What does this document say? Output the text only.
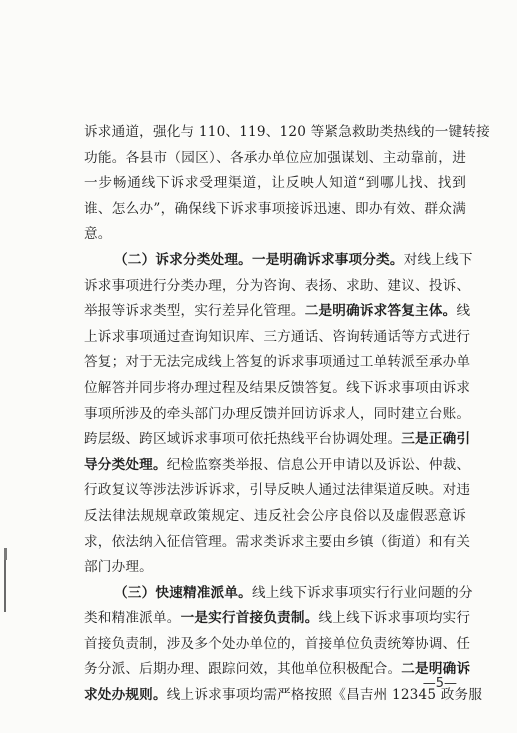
诉求通道，强化与 110、119、120 等紧急救助类热线的一键转接
功能。各县市（园区）、各承办单位应加强谋划、主动靠前，进
一步畅通线下诉求受理渠道，让反映人知道“到哪儿找、找到
谁、怎么办”，确保线下诉求事项接诉迅速、即办有效、群众满
意。
（二）诉求分类处理。一是明确诉求事项分类。对线上线下
诉求事项进行分类办理，分为咨询、表扬、求助、建议、投诉、
举报等诉求类型，实行差异化管理。二是明确诉求答复主体。线
上诉求事项通过查询知识库、三方通话、咨询转通话等方式进行
答复；对于无法完成线上答复的诉求事项通过工单转派至承办单
位解答并同步将办理过程及结果反馈答复。线下诉求事项由诉求
事项所涉及的牵头部门办理反馈并回访诉求人，同时建立台账。
跨层级、跨区域诉求事项可依托热线平台协调处理。三是正确引
导分类处理。纪检监察类举报、信息公开申请以及诉讼、仲裁、
行政复议等涉法涉诉诉求，引导反映人通过法律渠道反映。对违
反法律法规规章政策规定、违反社会公序良俗以及虚假恶意诉
求，依法纳入征信管理。需求类诉求主要由乡镇（街道）和有关
部门办理。
（三）快速精准派单。线上线下诉求事项实行行业问题的分
类和精准派单。一是实行首接负责制。线上线下诉求事项均实行
首接负责制，涉及多个处办单位的，首接单位负责统筹协调、任
务分派、后期办理、跟踪问效，其他单位积极配合。二是明确诉
求处办规则。线上诉求事项均需严格按照《昌吉州 12345 政务服
—5—
